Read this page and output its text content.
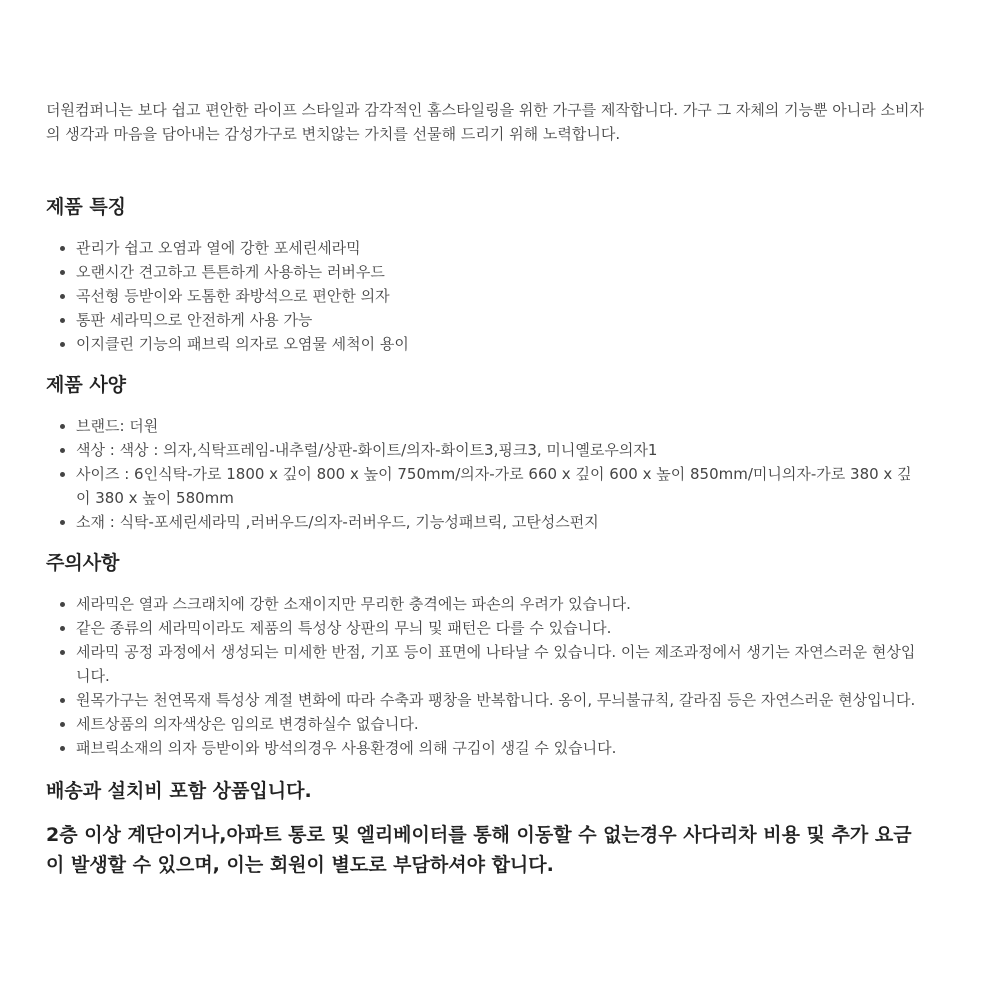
더원컴퍼니는 보다 쉽고 편안한 라이프 스타일과 감각적인 홈스타일링을 위한 가구를 제작합니다. 가구 그 자체의 기능뿐 아니라 소비자의 생각과 마음을 담아내는 감성가구로 변치않는 가치를 선물해 드리기 위해 노력합니다.

제품 특징
• 관리가 쉽고 오염과 열에 강한 포세린세라믹
• 오랜시간 견고하고 튼튼하게 사용하는 러버우드
• 곡선형 등받이와 도톰한 좌방석으로 편안한 의자
• 통판 세라믹으로 안전하게 사용 가능
• 이지클린 기능의 패브릭 의자로 오염물 세척이 용이
제품 사양
• 브랜드: 더원
• 색상 : 색상 : 의자,식탁프레임-내추럴/상판-화이트/의자-화이트3,핑크3, 미니옐로우의자1
• 사이즈 : 6인식탁-가로 1800 x 깊이 800 x 높이 750mm/의자-가로 660 x 깊이 600 x 높이 850mm/미니의자-가로 380 x 깊이 380 x 높이 580mm
• 소재 : 식탁-포세린세라믹 ,러버우드/의자-러버우드, 기능성패브릭, 고탄성스펀지
주의사항
• 세라믹은 열과 스크래치에 강한 소재이지만 무리한 충격에는 파손의 우려가 있습니다.
• 같은 종류의 세라믹이라도 제품의 특성상 상판의 무늬 및 패턴은 다를 수 있습니다.
• 세라믹 공정 과정에서 생성되는 미세한 반점, 기포 등이 표면에 나타날 수 있습니다. 이는 제조과정에서 생기는 자연스러운 현상입니다.
• 원목가구는 천연목재 특성상 계절 변화에 따라 수축과 팽창을 반복합니다. 옹이, 무늬불규칙, 갈라짐 등은 자연스러운 현상입니다.
• 세트상품의 의자색상은 임의로 변경하실수 없습니다.
• 패브릭소재의 의자 등받이와 방석의경우 사용환경에 의해 구김이 생길 수 있습니다.

배송과 설치비 포함 상품입니다.

2층 이상 계단이거나,아파트 통로 및 엘리베이터를 통해 이동할 수 없는경우 사다리차 비용 및 추가 요금이 발생할 수 있으며, 이는 회원이 별도로 부담하셔야 합니다.
